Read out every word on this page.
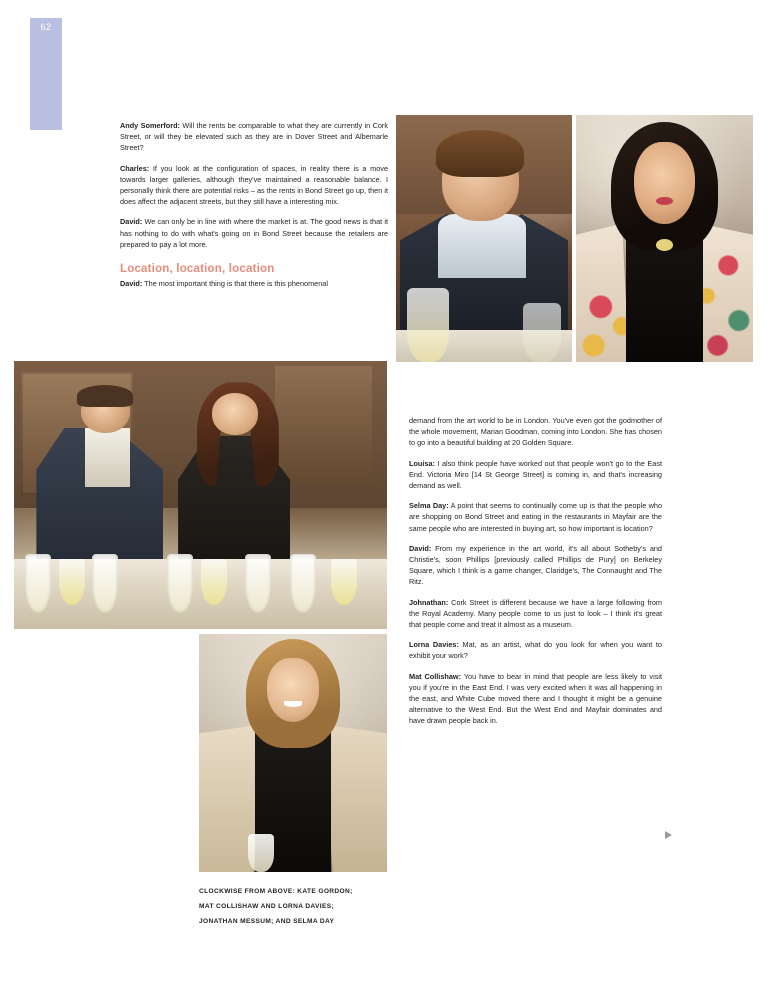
62
art lunch

Andy Somerford: Will the rents be comparable to what they are currently in Cork Street, or will they be elevated such as they are in Dover Street and Albemarle Street?

Charles: If you look at the configuration of spaces, in reality there is a move towards larger galleries, although they've maintained a reasonable balance. I personally think there are potential risks – as the rents in Bond Street go up, then it does affect the adjacent streets, but they still have a interesting mix.

David: We can only be in line with where the market is at. The good news is that it has nothing to do with what's going on in Bond Street because the retailers are prepared to pay a lot more.

Location, location, location

David: The most important thing is that there is this phenomenal

demand from the art world to be in London. You've even got the godmother of the whole movement, Marian Goodman, coming into London. She has chosen to go into a beautiful building at 20 Golden Square.

Louisa: I also think people have worked out that people won't go to the East End. Victoria Miro [14 St George Street] is coming in, and that's increasing demand as well.

Selma Day: A point that seems to continually come up is that the people who are shopping on Bond Street and eating in the restaurants in Mayfair are the same people who are interested in buying art, so how important is location?

David: From my experience in the art world, it's all about Sotheby's and Christie's, soon Phillips [previously called Phillips de Pury] on Berkeley Square, which I think is a game changer, Claridge's, The Connaught and The Ritz.

Johnathan: Cork Street is different because we have a large following from the Royal Academy. Many people come to us just to look – I think it's great that people come and treat it almost as a museum.

Lorna Davies: Mat, as an artist, what do you look for when you want to exhibit your work?

Mat Collishaw: You have to bear in mind that people are less likely to visit you if you're in the East End. I was very excited when it was all happening in the east, and White Cube moved there and I thought it might be a genuine alternative to the West End. But the West End and Mayfair dominates and have drawn people back in.

CLOCKWISE FROM ABOVE: KATE GORDON;
MAT COLLISHAW AND LORNA DAVIES;
JONATHAN MESSUM; AND SELMA DAY
